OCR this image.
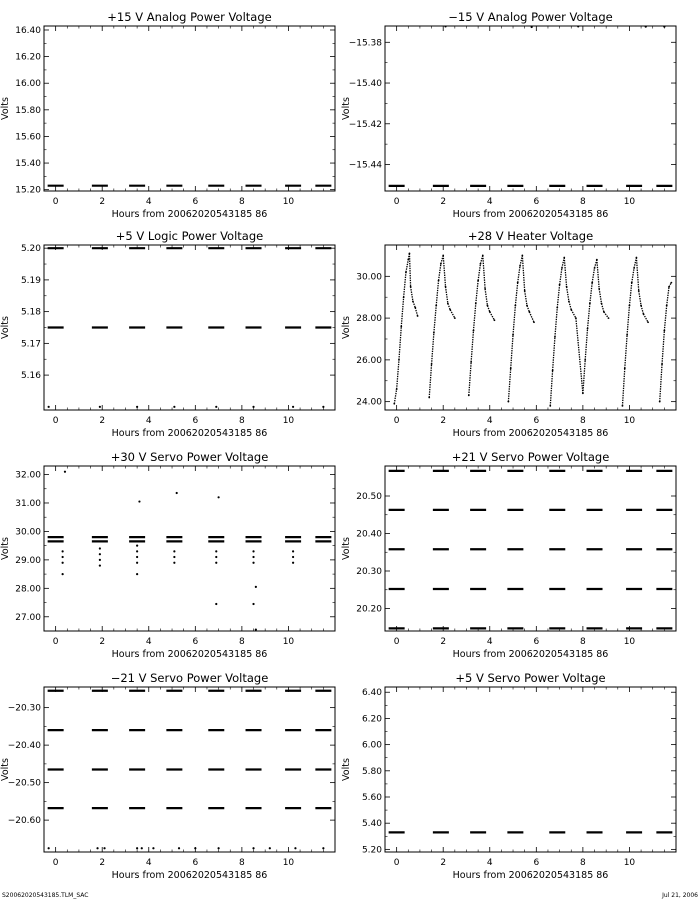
+15 V Analog Power Voltage
0	2	4	6	8	10
15.20
15.40
15.60
15.80
16.00
16.20
16.40
Hours from 20062020543185 86
Volts
−15 V Analog Power Voltage
0	2	4	6	8	10
−15.44
−15.42
−15.40
−15.38
Hours from 20062020543185 86
Volts
+5 V Logic Power Voltage
0	2	4	6	8	10
5.16
5.17
5.18
5.19
5.20
Hours from 20062020543185 86
Volts
+28 V Heater Voltage
0	2	4	6	8	10
24.00
26.00
28.00
30.00
Hours from 20062020543185 86
Volts
+30 V Servo Power Voltage
0	2	4	6	8	10
27.00
28.00
29.00
30.00
31.00
32.00
Hours from 20062020543185 86
Volts
+21 V Servo Power Voltage
0	2	4	6	8	10
20.20
20.30
20.40
20.50
Hours from 20062020543185 86
Volts
−21 V Servo Power Voltage
0	2	4	6	8	10
−20.60
−20.50
−20.40
−20.30
Hours from 20062020543185 86
Volts
+5 V Servo Power Voltage
0	2	4	6	8	10
5.20
5.40
5.60
5.80
6.00
6.20
6.40
Hours from 20062020543185 86
Volts
S20062020543185.TLM_SAC	Jul 21, 2006
